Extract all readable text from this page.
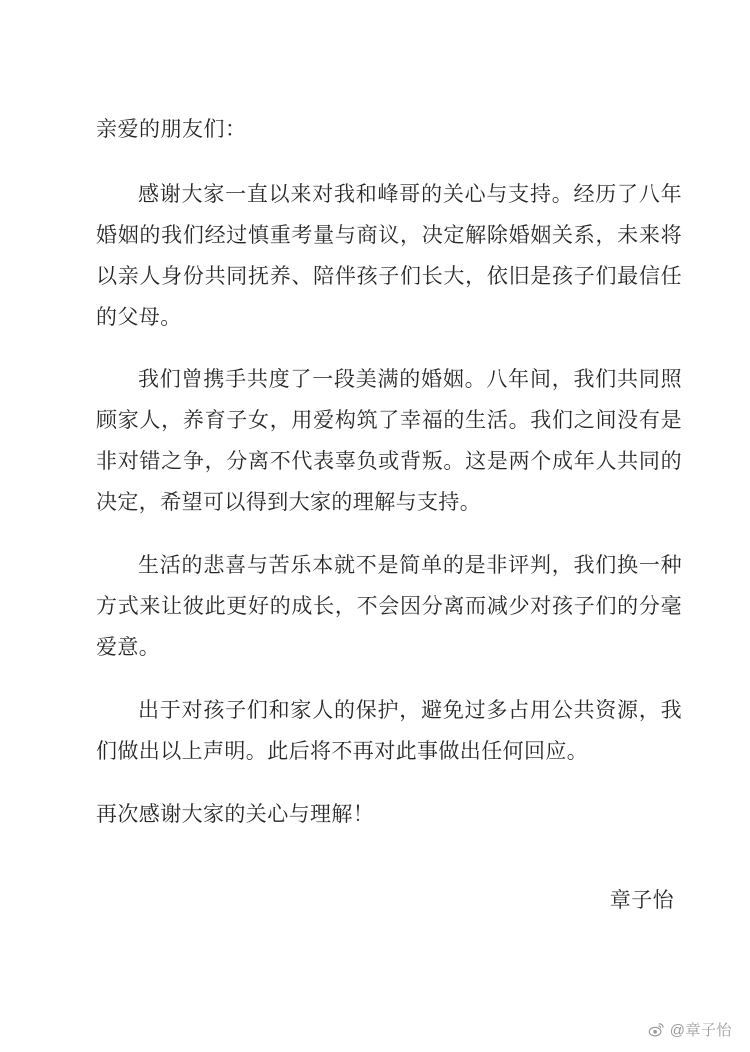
亲爱的朋友们：

感谢大家一直以来对我和峰哥的关心与支持。经历了八年婚姻的我们经过慎重考量与商议，决定解除婚姻关系，未来将以亲人身份共同抚养、陪伴孩子们长大，依旧是孩子们最信任的父母。

我们曾携手共度了一段美满的婚姻。八年间，我们共同照顾家人，养育子女，用爱构筑了幸福的生活。我们之间没有是非对错之争，分离不代表辜负或背叛。这是两个成年人共同的决定，希望可以得到大家的理解与支持。

生活的悲喜与苦乐本就不是简单的是非评判，我们换一种方式来让彼此更好的成长，不会因分离而减少对孩子们的分毫爱意。

出于对孩子们和家人的保护，避免过多占用公共资源，我们做出以上声明。此后将不再对此事做出任何回应。

再次感谢大家的关心与理解！

章子怡

@章子怡
